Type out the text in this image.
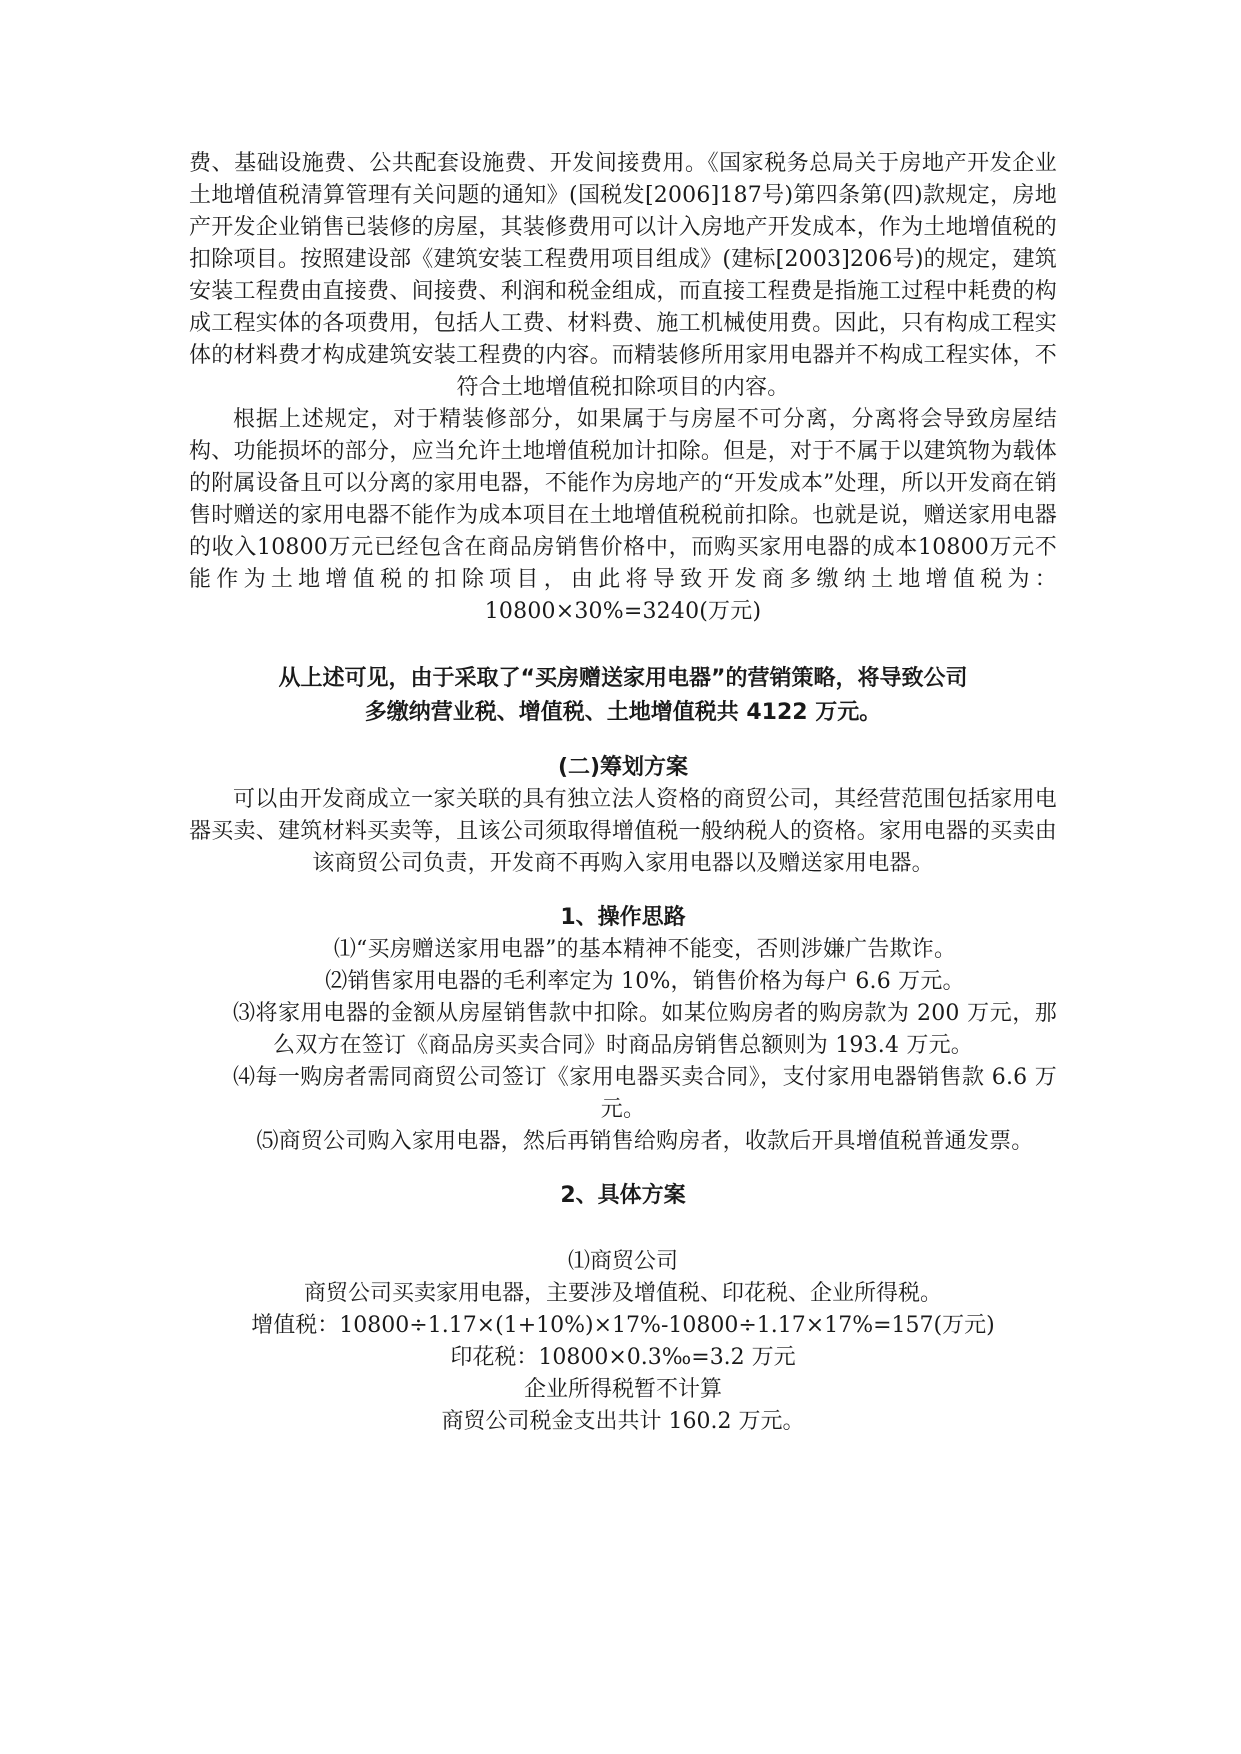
费、基础设施费、公共配套设施费、开发间接费用。《国家税务总局关于房地产开发企业土地增值税清算管理有关问题的通知》(国税发[2006]187号)第四条第(四)款规定，房地产开发企业销售已装修的房屋，其装修费用可以计入房地产开发成本，作为土地增值税的扣除项目。按照建设部《建筑安装工程费用项目组成》(建标[2003]206号)的规定，建筑安装工程费由直接费、间接费、利润和税金组成，而直接工程费是指施工过程中耗费的构成工程实体的各项费用，包括人工费、材料费、施工机械使用费。因此，只有构成工程实体的材料费才构成建筑安装工程费的内容。而精装修所用家用电器并不构成工程实体，不符合土地增值税扣除项目的内容。

根据上述规定，对于精装修部分，如果属于与房屋不可分离，分离将会导致房屋结构、功能损坏的部分，应当允许土地增值税加计扣除。但是，对于不属于以建筑物为载体的附属设备且可以分离的家用电器，不能作为房地产的“开发成本”处理，所以开发商在销售时赠送的家用电器不能作为成本项目在土地增值税税前扣除。也就是说，赠送家用电器的收入10800万元已经包含在商品房销售价格中，而购买家用电器的成本10800万元不能作为土地增值税的扣除项目，由此将导致开发商多缴纳土地增值税为：10800×30%=3240(万元)

从上述可见，由于采取了“买房赠送家用电器”的营销策略，将导致公司

多缴纳营业税、增值税、土地增值税共 4122 万元。

(二)筹划方案

可以由开发商成立一家关联的具有独立法人资格的商贸公司，其经营范围包括家用电器买卖、建筑材料买卖等，且该公司须取得增值税一般纳税人的资格。家用电器的买卖由该商贸公司负责，开发商不再购入家用电器以及赠送家用电器。

1、操作思路

⑴“买房赠送家用电器”的基本精神不能变，否则涉嫌广告欺诈。

⑵销售家用电器的毛利率定为 10%，销售价格为每户 6.6 万元。

⑶将家用电器的金额从房屋销售款中扣除。如某位购房者的购房款为 200 万元，那么双方在签订《商品房买卖合同》时商品房销售总额则为 193.4 万元。

⑷每一购房者需同商贸公司签订《家用电器买卖合同》，支付家用电器销售款 6.6 万元。

⑸商贸公司购入家用电器，然后再销售给购房者，收款后开具增值税普通发票。

2、具体方案

⑴商贸公司

商贸公司买卖家用电器，主要涉及增值税、印花税、企业所得税。

增值税：10800÷1.17×(1+10%)×17%-10800÷1.17×17%=157(万元)

印花税：10800×0.3‰=3.2 万元

企业所得税暂不计算

商贸公司税金支出共计 160.2 万元。
